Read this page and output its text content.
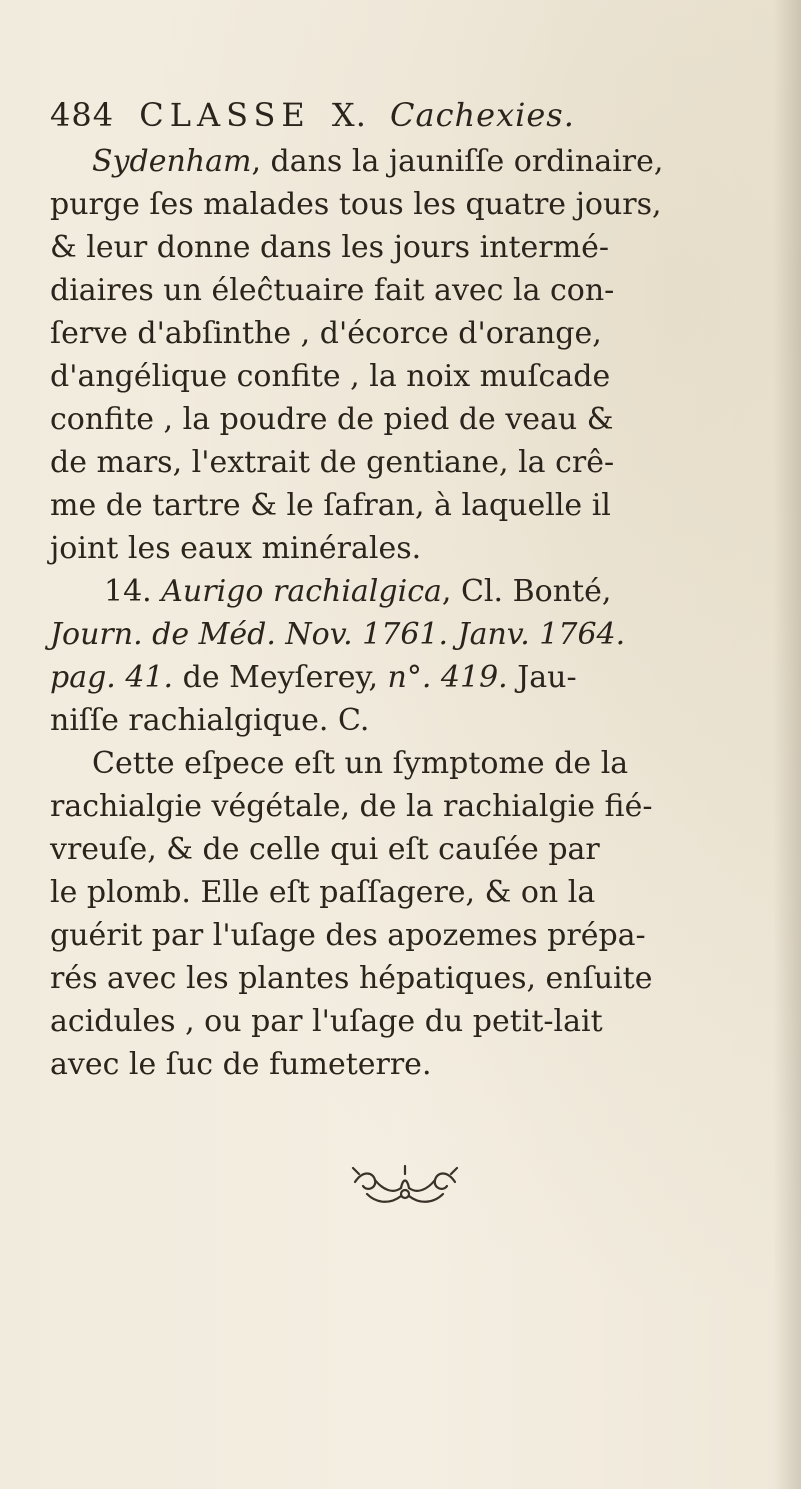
484 CLASSE X. Cachexies.
Sydenham, dans la jauniſſe ordinaire,
purge ſes malades tous les quatre jours,
& leur donne dans les jours intermé-
diaires un éleĉtuaire fait avec la con-
ſerve d'abſinthe , d'écorce d'orange,
d'angélique confite , la noix muſcade
confite , la poudre de pied de veau &
de mars, l'extrait de gentiane, la crê-
me de tartre & le ſafran, à laquelle il
joint les eaux minérales.
14. Aurigo rachialgica, Cl. Bonté,
Journ. de Méd. Nov. 1761. Janv. 1764.
pag. 41. de Meyſerey, n°. 419. Jau-
niſſe rachialgique. C.
Cette eſpece eſt un ſymptome de la
rachialgie végétale, de la rachialgie fié-
vreuſe, & de celle qui eſt cauſée par
le plomb. Elle eſt paſſagere, & on la
guérit par l'uſage des apozemes prépa-
rés avec les plantes hépatiques, enſuite
acidules , ou par l'uſage du petit-lait
avec le ſuc de fumeterre.
